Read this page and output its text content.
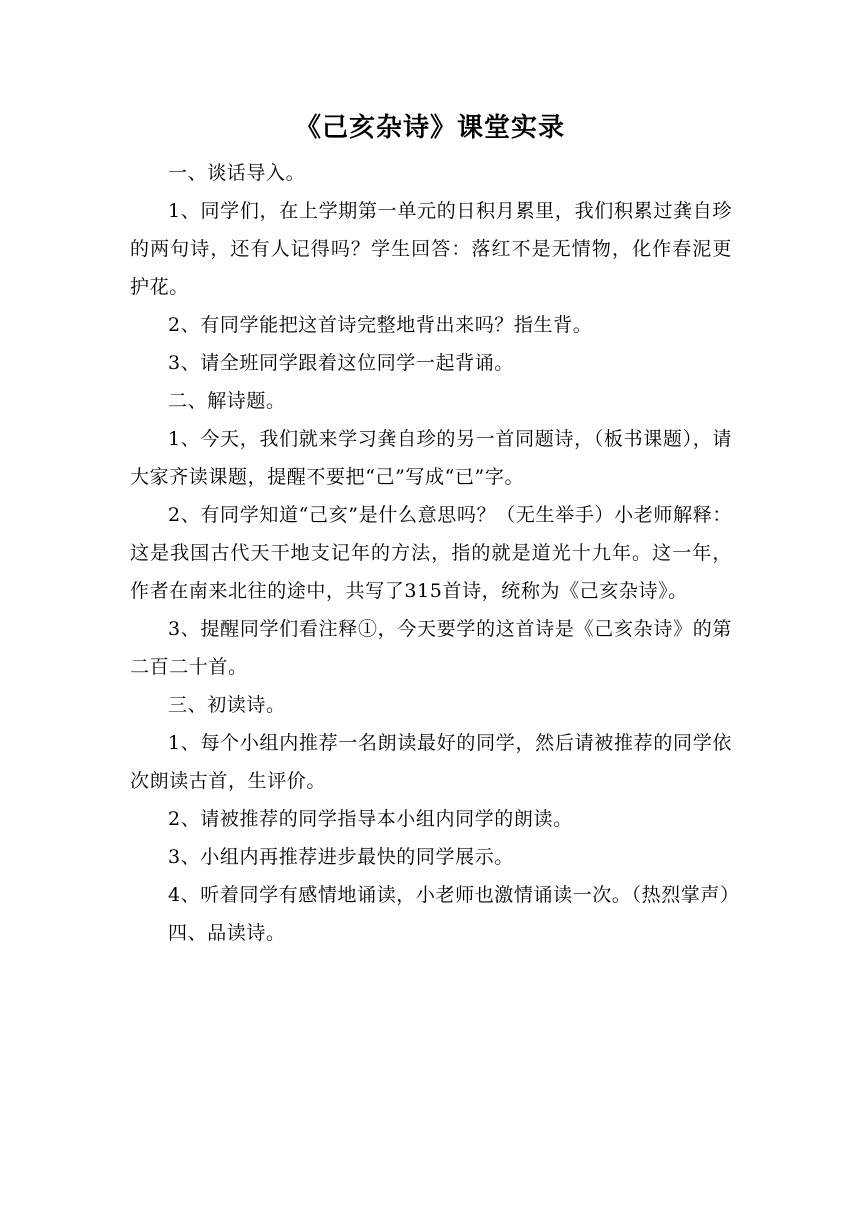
《己亥杂诗》课堂实录

一、谈话导入。

1、同学们，在上学期第一单元的日积月累里，我们积累过龚自珍的两句诗，还有人记得吗？学生回答：落红不是无情物，化作春泥更护花。

2、有同学能把这首诗完整地背出来吗？指生背。

3、请全班同学跟着这位同学一起背诵。

二、解诗题。

1、今天，我们就来学习龚自珍的另一首同题诗，（板书课题），请大家齐读课题，提醒不要把“己”写成“已”字。

2、有同学知道“己亥”是什么意思吗？（无生举手）小老师解释：这是我国古代天干地支记年的方法，指的就是道光十九年。这一年，作者在南来北往的途中，共写了315首诗，统称为《己亥杂诗》。

3、提醒同学们看注释①，今天要学的这首诗是《己亥杂诗》的第二百二十首。

三、初读诗。

1、每个小组内推荐一名朗读最好的同学，然后请被推荐的同学依次朗读古首，生评价。

2、请被推荐的同学指导本小组内同学的朗读。

3、小组内再推荐进步最快的同学展示。

4、听着同学有感情地诵读，小老师也激情诵读一次。（热烈掌声）

四、品读诗。
